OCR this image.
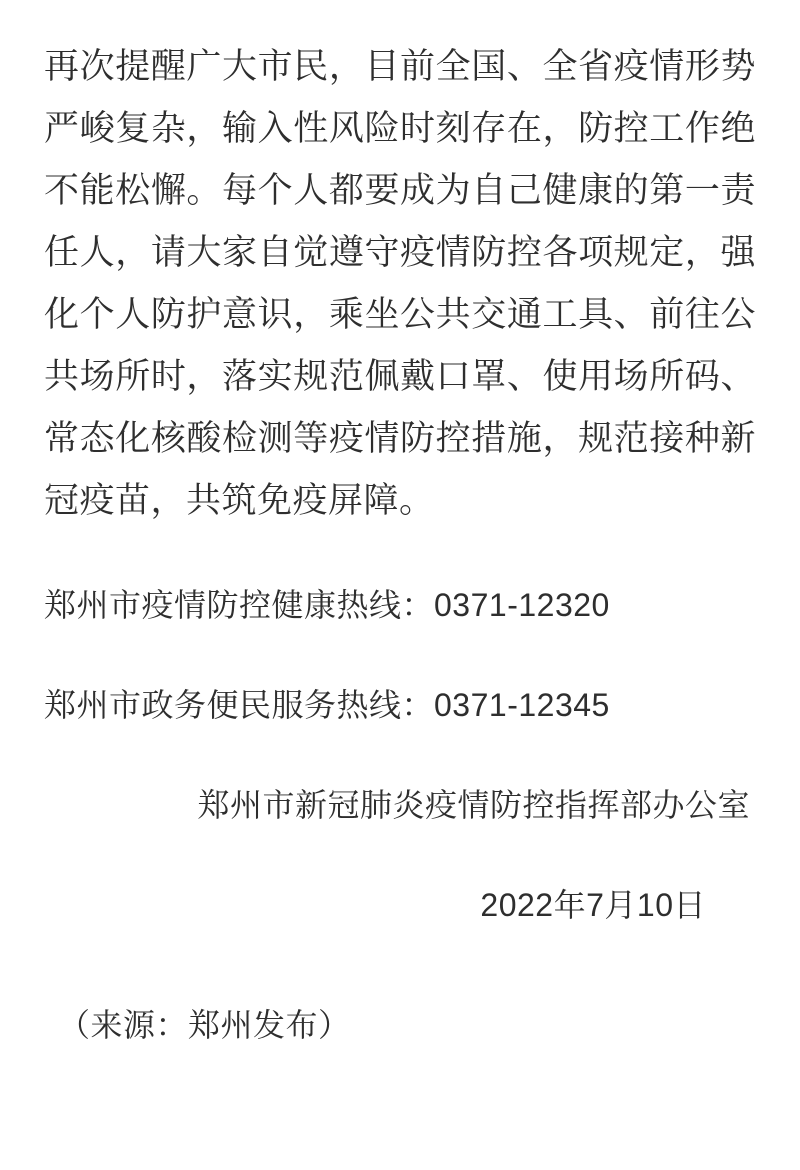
再次提醒广大市民，目前全国、全省疫情形势严峻复杂，输入性风险时刻存在，防控工作绝不能松懈。每个人都要成为自己健康的第一责任人，请大家自觉遵守疫情防控各项规定，强化个人防护意识，乘坐公共交通工具、前往公共场所时，落实规范佩戴口罩、使用场所码、常态化核酸检测等疫情防控措施，规范接种新冠疫苗，共筑免疫屏障。

郑州市疫情防控健康热线：0371-12320

郑州市政务便民服务热线：0371-12345

郑州市新冠肺炎疫情防控指挥部办公室

2022年7月10日

（来源：郑州发布）
